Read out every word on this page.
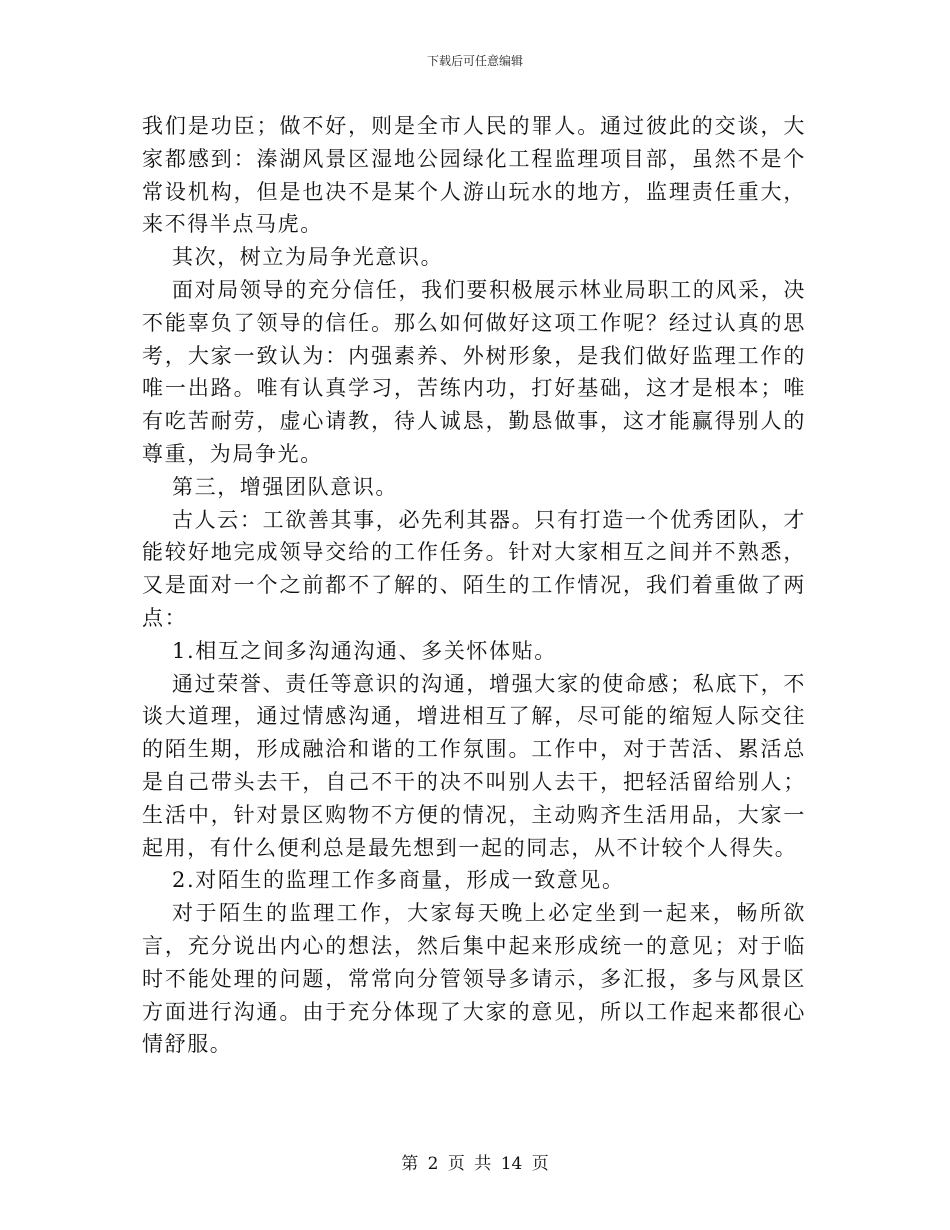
下载后可任意编辑

我们是功臣；做不好，则是全市人民的罪人。通过彼此的交谈，大家都感到：溱湖风景区湿地公园绿化工程监理项目部，虽然不是个常设机构，但是也决不是某个人游山玩水的地方，监理责任重大，来不得半点马虎。

其次，树立为局争光意识。

面对局领导的充分信任，我们要积极展示林业局职工的风采，决不能辜负了领导的信任。那么如何做好这项工作呢？经过认真的思考，大家一致认为：内强素养、外树形象，是我们做好监理工作的唯一出路。唯有认真学习，苦练内功，打好基础，这才是根本；唯有吃苦耐劳，虚心请教，待人诚恳，勤恳做事，这才能赢得别人的尊重，为局争光。

第三，增强团队意识。

古人云：工欲善其事，必先利其器。只有打造一个优秀团队，才能较好地完成领导交给的工作任务。针对大家相互之间并不熟悉，又是面对一个之前都不了解的、陌生的工作情况，我们着重做了两点：

1.相互之间多沟通沟通、多关怀体贴。

通过荣誉、责任等意识的沟通，增强大家的使命感；私底下，不谈大道理，通过情感沟通，增进相互了解，尽可能的缩短人际交往的陌生期，形成融洽和谐的工作氛围。工作中，对于苦活、累活总是自己带头去干，自己不干的决不叫别人去干，把轻活留给别人；生活中，针对景区购物不方便的情况，主动购齐生活用品，大家一起用，有什么便利总是最先想到一起的同志，从不计较个人得失。

2.对陌生的监理工作多商量，形成一致意见。

对于陌生的监理工作，大家每天晚上必定坐到一起来，畅所欲言，充分说出内心的想法，然后集中起来形成统一的意见；对于临时不能处理的问题，常常向分管领导多请示，多汇报，多与风景区方面进行沟通。由于充分体现了大家的意见，所以工作起来都很心情舒服。

第 2 页 共 14 页
